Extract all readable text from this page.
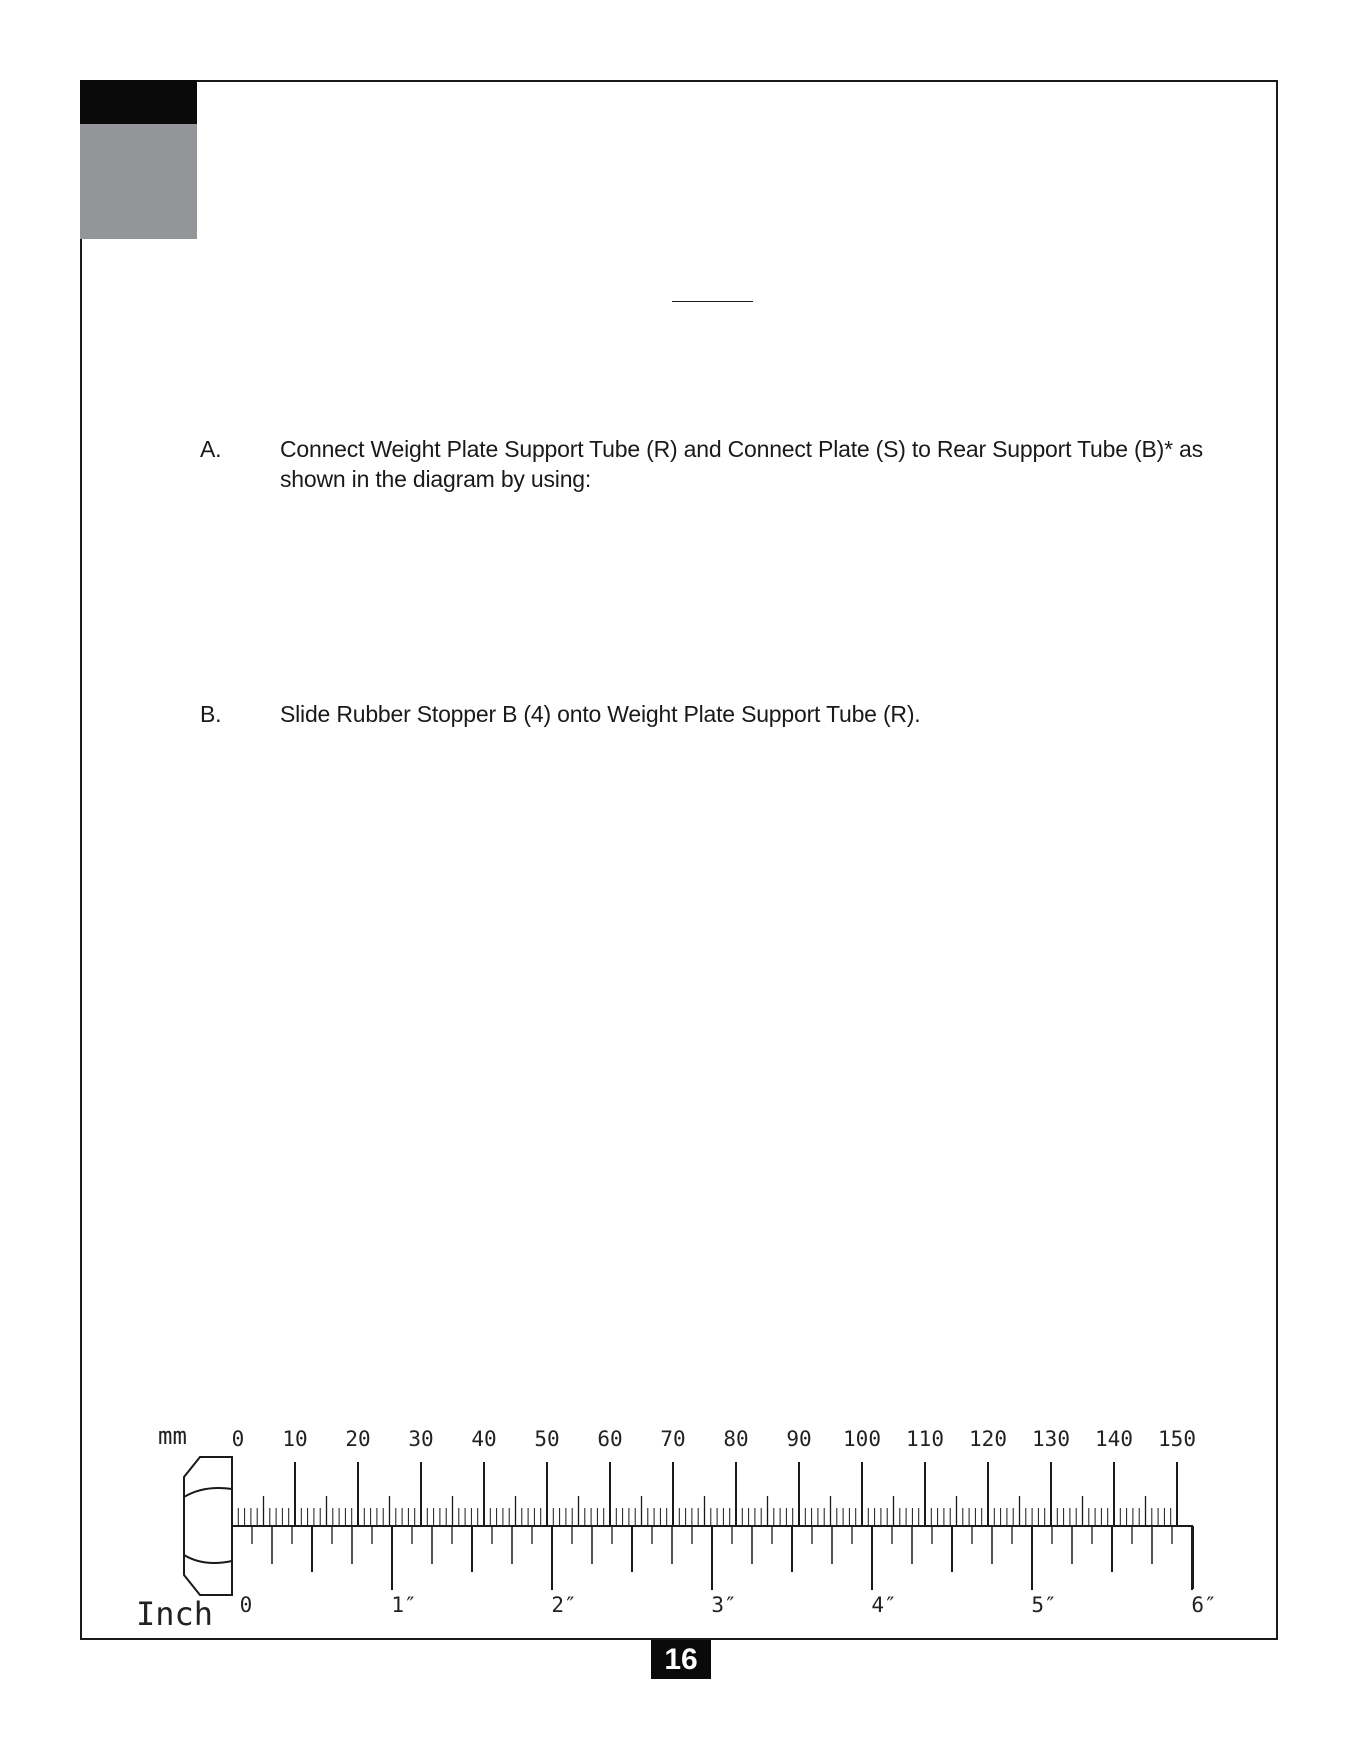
A.	Connect Weight Plate Support Tube (R) and Connect Plate (S) to Rear Support Tube (B)* as shown in the diagram by using:
B.	Slide Rubber Stopper B (4) onto Weight Plate Support Tube (R).
mm
Inch
0 10 20 30 40 50 60 70 80 90 100 110 120 130 140 150
0	1″	2″	3″	4″	5″	6″
16
